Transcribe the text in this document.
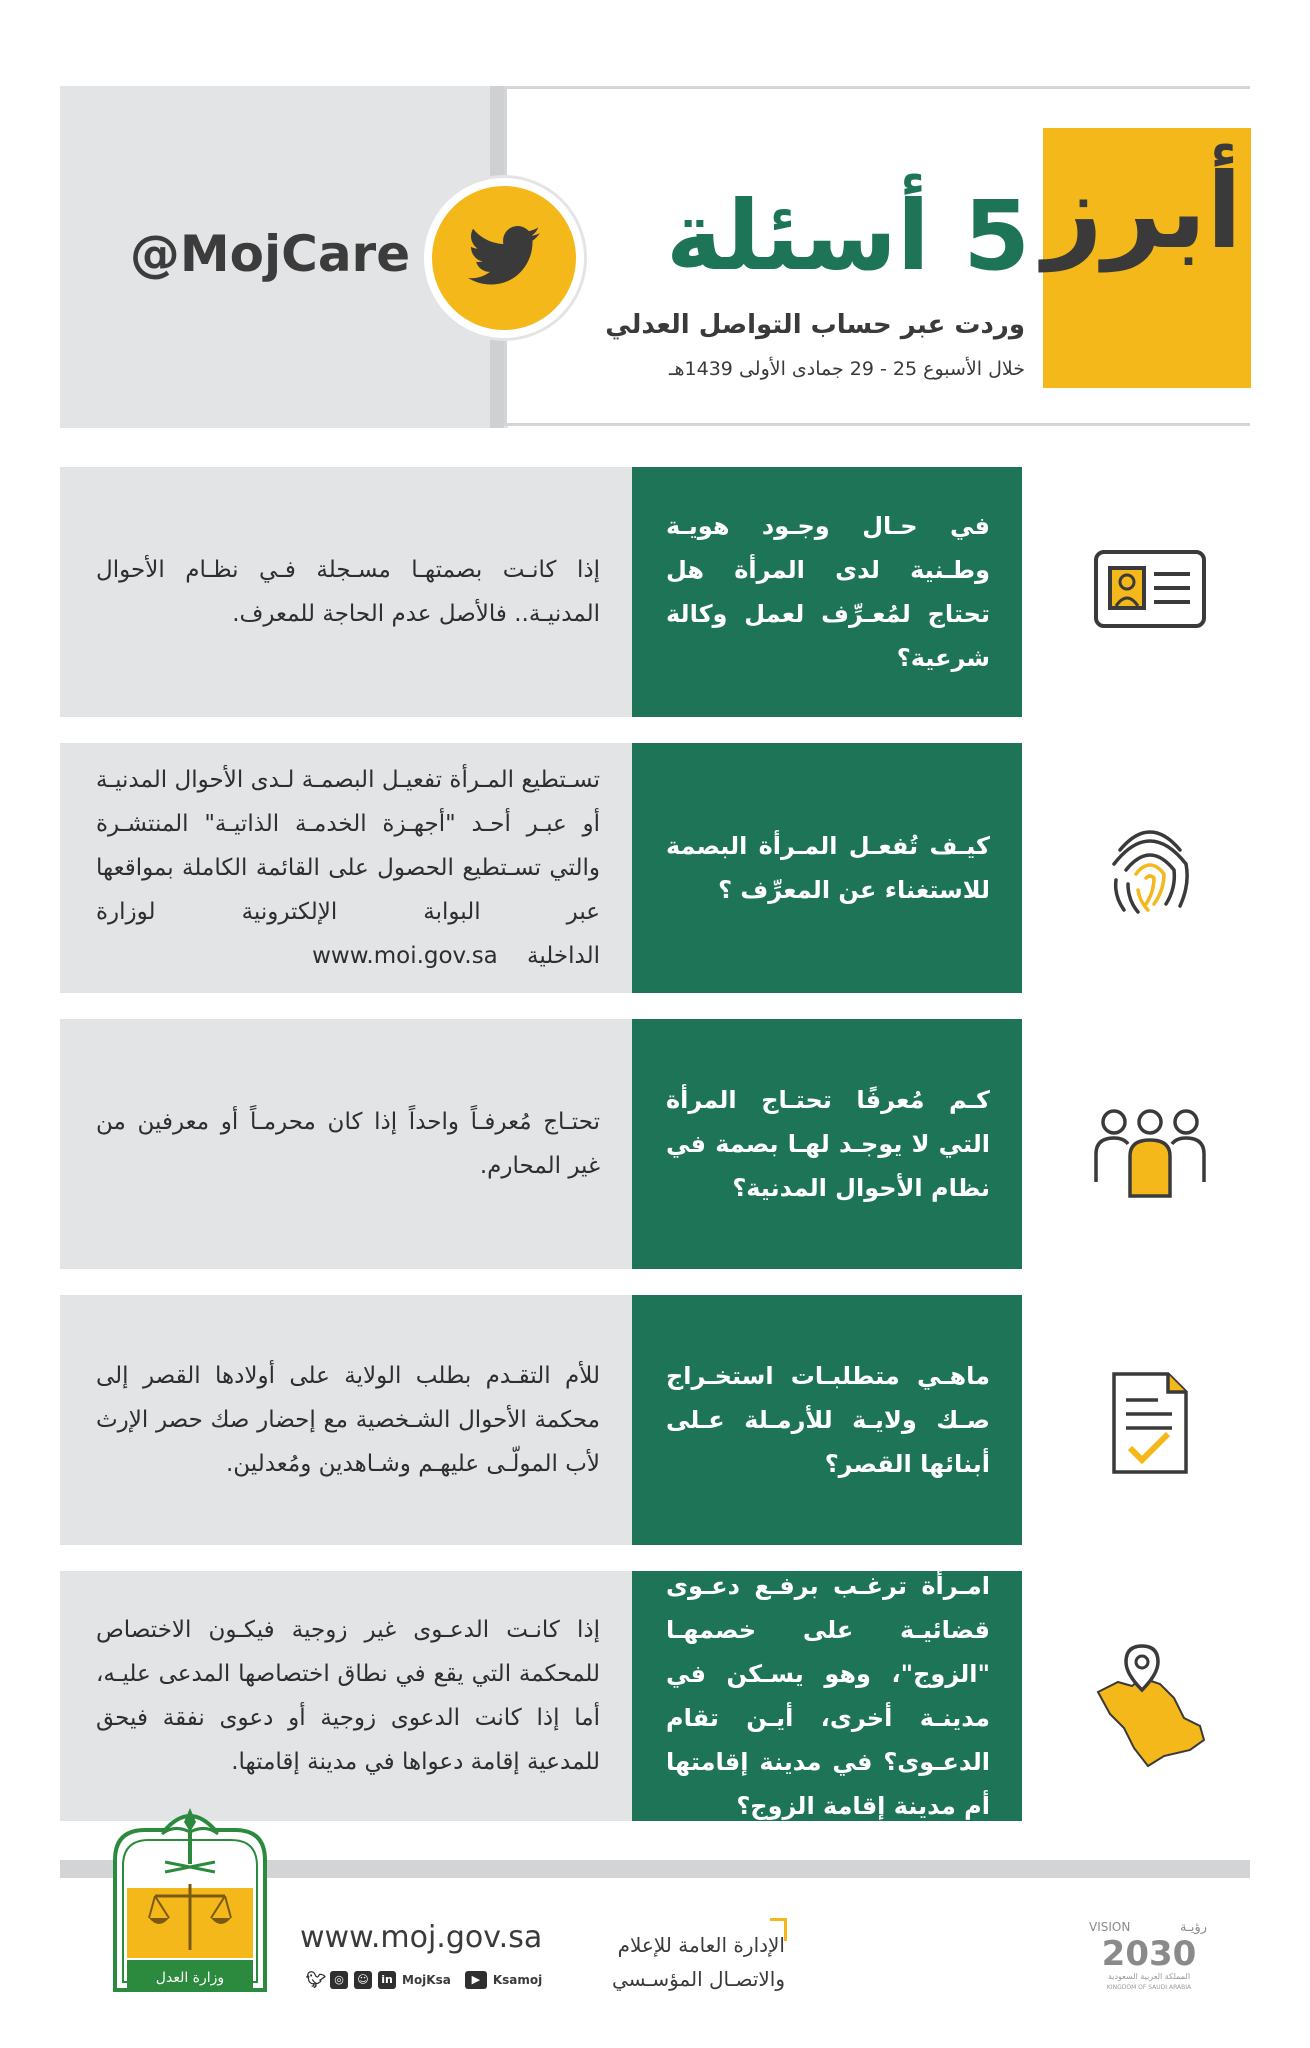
@MojCare	أبرز
5 أسئلة
وردت عبر حساب التواصل العدلي
خلال الأسبوع 25 - 29 جمادى الأولى 1439هـ

إذا كانـت بصمتهـا مسـجلة فـي نظـام الأحوال المدنيـة.. فالأصل عدم الحاجة للمعرف.

في حـال وجـود هويـة وطـنية لدى المرأة هل تحتاج لمُعـرِّف لعمل وكالة شرعية؟

تسـتطيع المـرأة تفعيـل البصمـة لـدى الأحوال المدنيـة أو عبـر أحـد "أجهـزة الخدمـة الذاتيـة" المنتشـرة والتي تسـتطيع الحصول على القائمة الكاملة بمواقعها عبر البوابة الإلكترونية لوزارة الداخلية    www.moi.gov.sa

كيـف تُفعـل المـرأة البصمة للاستغناء عن المعرِّف ؟

تحتـاج مُعرفـاً واحداً إذا كان محرمـاً أو معرفين من غير المحارم.

كـم مُعرفًا تحتـاج المرأة التي لا يوجـد لهـا بصمة في نظام الأحوال المدنية؟

للأم التقـدم بطلب الولاية على أولادها القصر إلى محكمة الأحوال الشـخصية مع إحضار صك حصر الإرث لأب المولّـى عليهـم وشـاهدين ومُعدلين.

ماهـي متطلبـات استخـراج صـك ولايـة للأرمـلة عـلى أبنائها القصر؟

إذا كانـت الدعـوى غير زوجية فيكـون الاختصاص للمحكمة التي يقع في نطاق اختصاصها المدعى عليـه، أما إذا كانت الدعوى زوجية أو دعوى نفقة فيحق للمدعية إقامة دعواها في مدينة إقامتها.

امـرأة ترغـب برفـع دعـوى قضائيـة على خصمهـا "الزوج"، وهو يسـكن في مدينـة أخرى، أيـن تقام الدعـوى؟ في مدينة إقامتها أم مدينة إقامة الزوج؟

وزارة العدل
www.moj.gov.sa
🐦︎ ◎	☺ in MojKsa	▶	Ksamoj
الإدارة العامة للإعلام
والاتصـال المؤسـسي
VISION	رؤيـة
2030
المملكة العربية السعودية
KINGDOM OF SAUDI ARABIA
